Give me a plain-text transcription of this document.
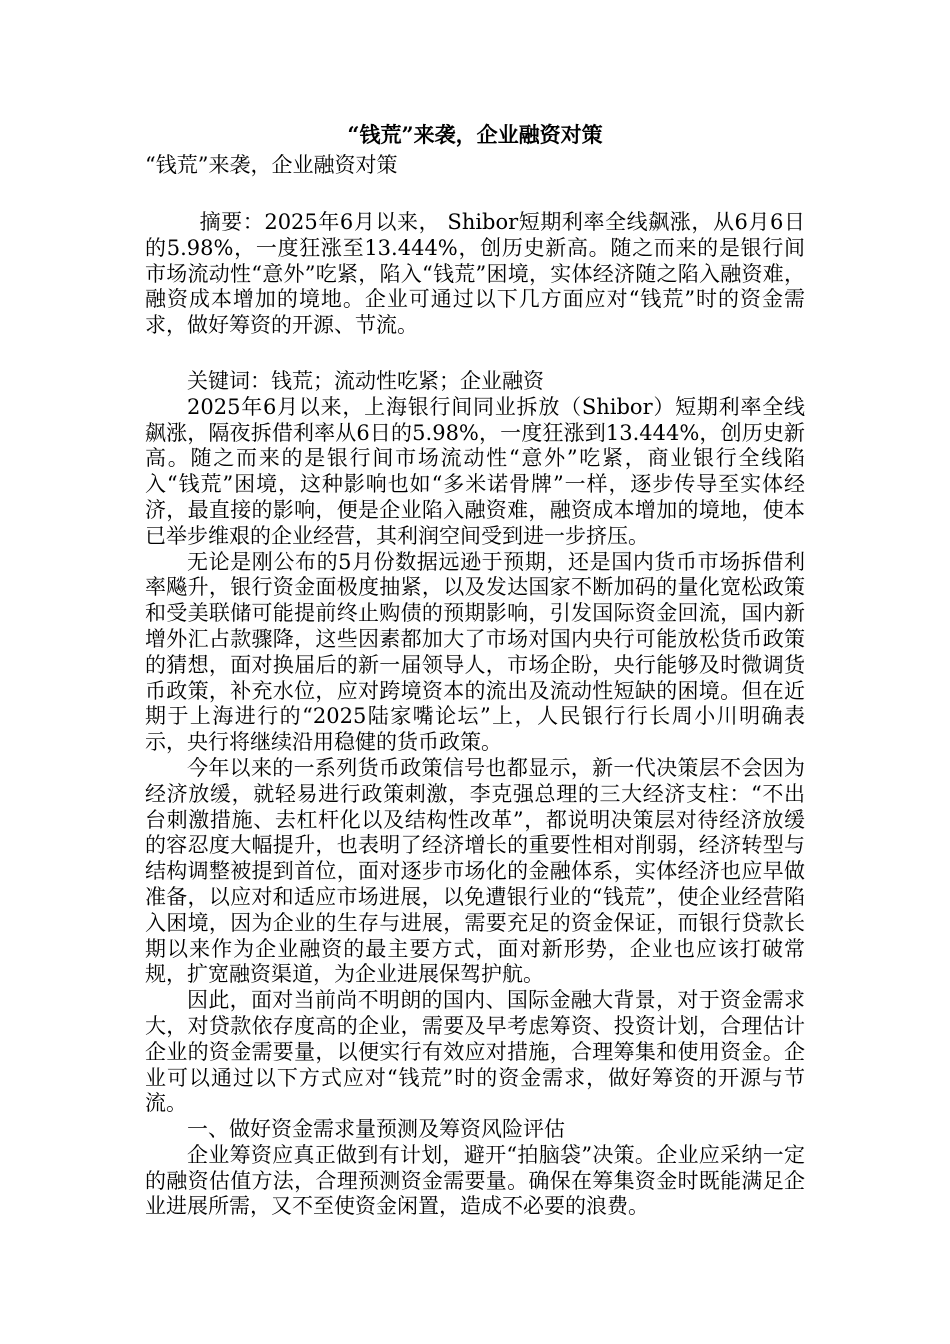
“钱荒”来袭，企业融资对策

“钱荒”来袭，企业融资对策

摘要：2025年6月以来， Shibor短期利率全线飙涨，从6月6日的5.98%，一度狂涨至13.444%，创历史新高。随之而来的是银行间市场流动性“意外”吃紧，陷入“钱荒”困境，实体经济随之陷入融资难，融资成本增加的境地。企业可通过以下几方面应对“钱荒”时的资金需求，做好筹资的开源、节流。

关键词：钱荒；流动性吃紧；企业融资

2025年6月以来，上海银行间同业拆放（Shibor）短期利率全线飙涨，隔夜拆借利率从6日的5.98%，一度狂涨到13.444%，创历史新高。随之而来的是银行间市场流动性“意外”吃紧，商业银行全线陷入“钱荒”困境，这种影响也如“多米诺骨牌”一样，逐步传导至实体经济，最直接的影响，便是企业陷入融资难，融资成本增加的境地，使本已举步维艰的企业经营，其利润空间受到进一步挤压。

无论是刚公布的5月份数据远逊于预期，还是国内货币市场拆借利率飚升，银行资金面极度抽紧，以及发达国家不断加码的量化宽松政策和受美联储可能提前终止购债的预期影响，引发国际资金回流，国内新增外汇占款骤降，这些因素都加大了市场对国内央行可能放松货币政策的猜想，面对换届后的新一届领导人，市场企盼，央行能够及时微调货币政策，补充水位，应对跨境资本的流出及流动性短缺的困境。但在近期于上海进行的“2025陆家嘴论坛”上，人民银行行长周小川明确表示，央行将继续沿用稳健的货币政策。

今年以来的一系列货币政策信号也都显示，新一代决策层不会因为经济放缓，就轻易进行政策刺激，李克强总理的三大经济支柱：“不出台刺激措施、去杠杆化以及结构性改革”，都说明决策层对待经济放缓的容忍度大幅提升，也表明了经济增长的重要性相对削弱，经济转型与结构调整被提到首位，面对逐步市场化的金融体系，实体经济也应早做准备，以应对和适应市场进展，以免遭银行业的“钱荒”，使企业经营陷入困境，因为企业的生存与进展，需要充足的资金保证，而银行贷款长期以来作为企业融资的最主要方式，面对新形势，企业也应该打破常规，扩宽融资渠道，为企业进展保驾护航。

因此，面对当前尚不明朗的国内、国际金融大背景，对于资金需求大，对贷款依存度高的企业，需要及早考虑筹资、投资计划，合理估计企业的资金需要量，以便实行有效应对措施，合理筹集和使用资金。企业可以通过以下方式应对“钱荒”时的资金需求，做好筹资的开源与节流。

一、做好资金需求量预测及筹资风险评估

企业筹资应真正做到有计划，避开“拍脑袋”决策。企业应采纳一定的融资估值方法，合理预测资金需要量。确保在筹集资金时既能满足企业进展所需，又不至使资金闲置，造成不必要的浪费。
